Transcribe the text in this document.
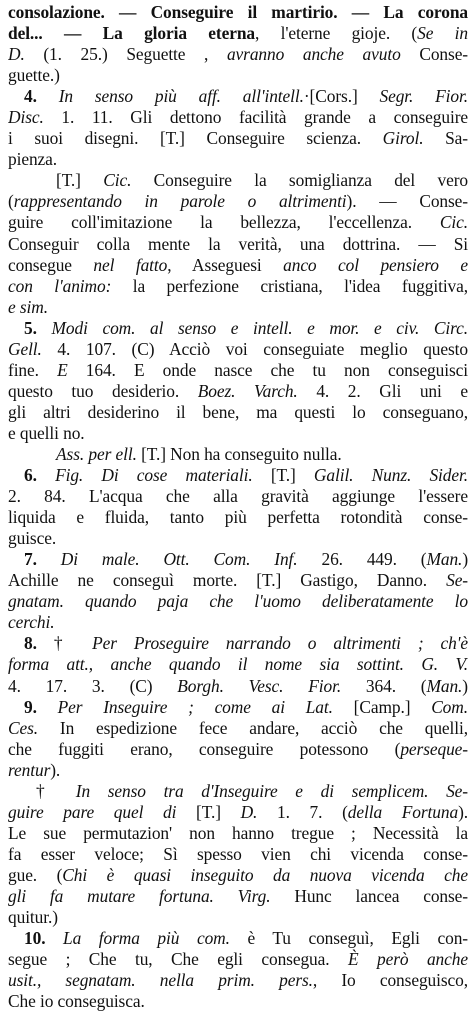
consolazione. — Conseguire il martirio. — La corona
del... — La gloria eterna, l'eterne gioje. (Se in
D. (1. 25.) Seguette , avranno anche avuto Conse-
guette.)
4. In senso più aff. all'intell.·[Cors.] Segr. Fior.
Disc. 1. 11. Gli dettono facilità grande a conseguire
i suoi disegni. [T.] Conseguire scienza. Girol. Sa-
pienza.
[T.] Cic. Conseguire la somiglianza del vero
(rappresentando in parole o altrimenti). — Conse-
guire coll'imitazione la bellezza, l'eccellenza. Cic.
Conseguir colla mente la verità, una dottrina. — Si
consegue nel fatto, Asseguesi anco col pensiero e
con l'animo: la perfezione cristiana, l'idea fuggitiva,
e sim.
5. Modi com. al senso e intell. e mor. e civ. Circ.
Gell. 4. 107. (C) Acciò voi conseguiate meglio questo
fine. E 164. E onde nasce che tu non conseguisci
questo tuo desiderio. Boez. Varch. 4. 2. Gli uni e
gli altri desiderino il bene, ma questi lo conseguano,
e quelli no.
Ass. per ell. [T.] Non ha conseguito nulla.
6. Fig. Di cose materiali. [T.] Galil. Nunz. Sider.
2. 84. L'acqua che alla gravità aggiunge l'essere
liquida e fluida, tanto più perfetta rotondità conse-
guisce.
7. Di male. Ott. Com. Inf. 26. 449. (Man.)
Achille ne conseguì morte. [T.] Gastigo, Danno. Se-
gnatam. quando paja che l'uomo deliberatamente lo
cerchi.
8. † Per Proseguire narrando o altrimenti ; ch'è
forma att., anche quando il nome sia sottint. G. V.
4. 17. 3. (C) Borgh. Vesc. Fior. 364. (Man.)
9. Per Inseguire ; come ai Lat. [Camp.] Com.
Ces. In espedizione fece andare, acciò che quelli,
che fuggiti erano, conseguire potessono (perseque-
rentur).
† In senso tra d'Inseguire e di semplicem. Se-
guire pare quel di [T.] D. 1. 7. (della Fortuna).
Le sue permutazion' non hanno tregue ; Necessità la
fa esser veloce; Sì spesso vien chi vicenda conse-
gue. (Chi è quasi inseguito da nuova vicenda che
gli fa mutare fortuna. Virg. Hunc lancea conse-
quitur.)
10. La forma più com. è Tu conseguì, Egli con-
segue ; Che tu, Che egli consegua. È però anche
usit., segnatam. nella prim. pers., Io conseguisco,
Che io conseguisca.
